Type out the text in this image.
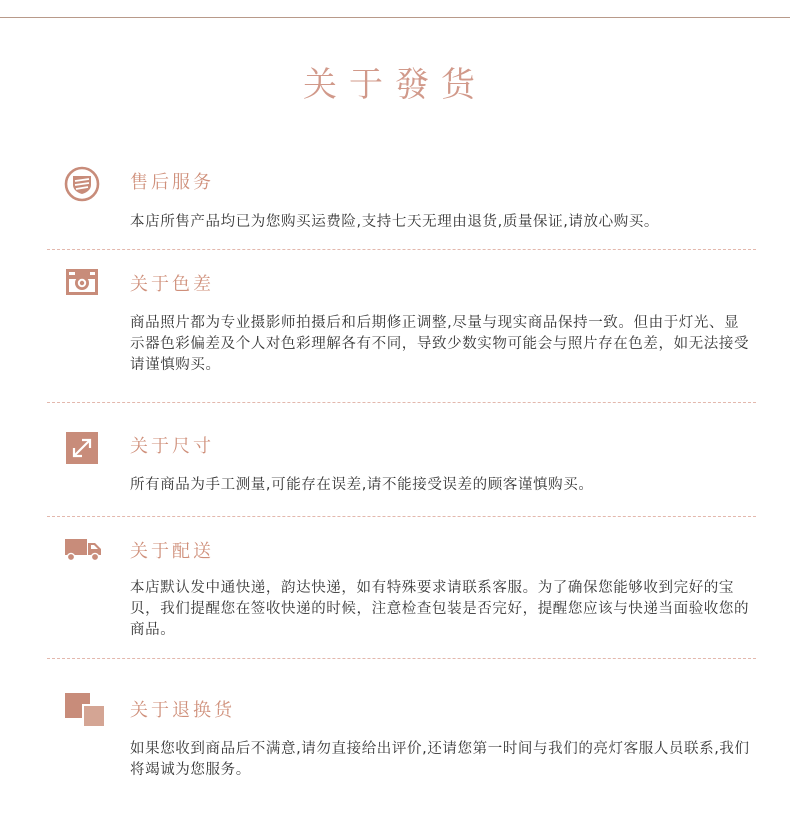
关于發货
售后服务
本店所售产品均已为您购买运费险,支持七天无理由退货,质量保证,请放心购买。
关于色差
商品照片都为专业摄影师拍摄后和后期修正调整,尽量与现实商品保持一致。但由于灯光、显示器色彩偏差及个人对色彩理解各有不同，导致少数实物可能会与照片存在色差，如无法接受请谨慎购买。
关于尺寸
所有商品为手工测量,可能存在误差,请不能接受误差的顾客谨慎购买。
关于配送
本店默认发中通快递，韵达快递，如有特殊要求请联系客服。为了确保您能够收到完好的宝贝，我们提醒您在签收快递的时候，注意检查包装是否完好，提醒您应该与快递当面验收您的商品。
关于退换货
如果您收到商品后不满意,请勿直接给出评价,还请您第一时间与我们的亮灯客服人员联系,我们将竭诚为您服务。
